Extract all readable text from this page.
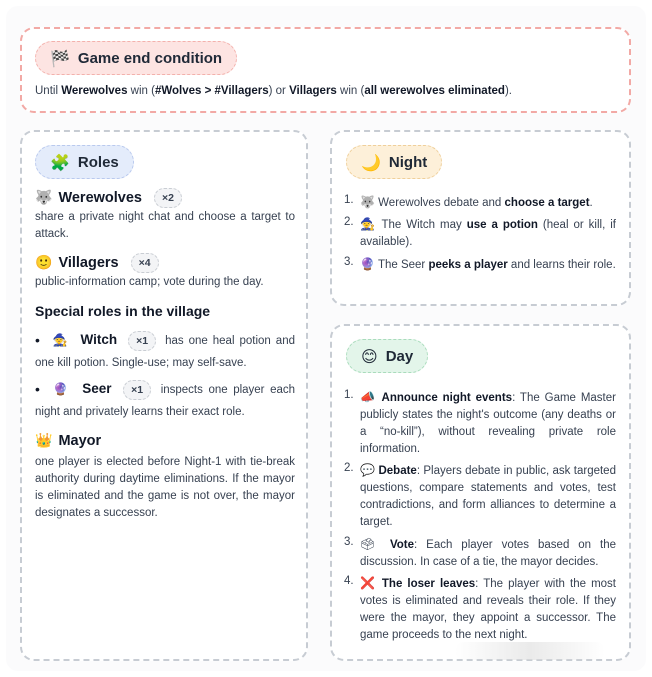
🏁 Game end condition
Until Werewolves win (#Wolves > #Villagers) or Villagers win (all werewolves eliminated).
🧩 Roles
🐺 Werewolves	×2
share a private night chat and choose a target to attack.
🙂 Villagers	×4
public-information camp; vote during the day.
Special roles in the village
• 🧙 Witch ×1 has one heal potion and one kill potion. Single-use; may self-save.
• 🔮 Seer ×1 inspects one player each night and privately learns their exact role.
👑 Mayor
one player is elected before Night-1 with tie-break authority during daytime eliminations. If the mayor is eliminated and the game is not over, the mayor designates a successor.
🌙 Night
1. 🐺 Werewolves debate and choose a target.
2. 🧙 The Witch may use a potion (heal or kill, if available).
3. 🔮 The Seer peeks a player and learns their role.
😊 Day
1. 📣 Announce night events: The Game Master publicly states the night's outcome (any deaths or a “no-kill”), without revealing private role information.
2. 💬 Debate: Players debate in public, ask targeted questions, compare statements and votes, test contradictions, and form alliances to determine a target.
3. 🗳 Vote: Each player votes based on the discussion. In case of a tie, the mayor decides.
4. ❌ The loser leaves: The player with the most votes is eliminated and reveals their role. If they were the mayor, they appoint a successor. The game proceeds to the next night.
